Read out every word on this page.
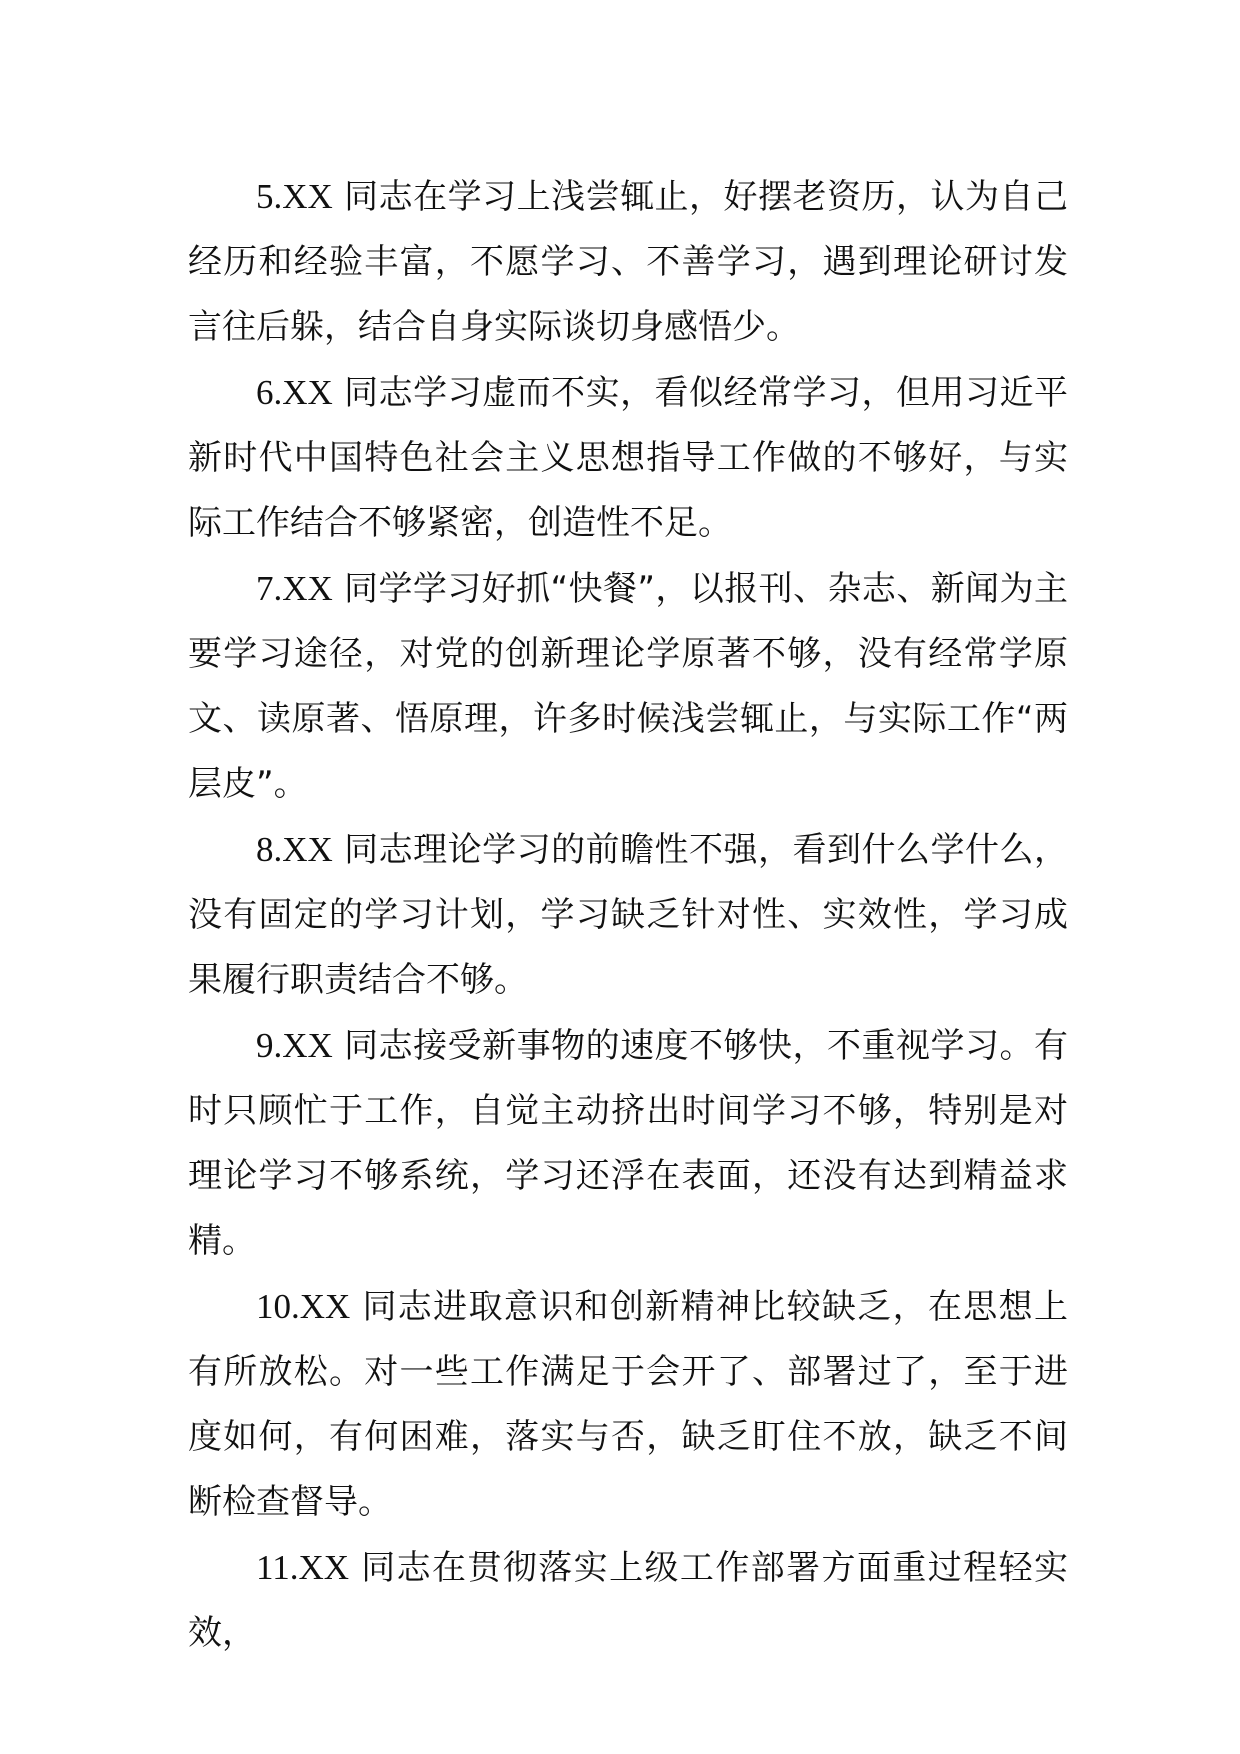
5.XX 同志在学习上浅尝辄止，好摆老资历，认为自己经历和经验丰富，不愿学习、不善学习，遇到理论研讨发言往后躲，结合自身实际谈切身感悟少。

6.XX 同志学习虚而不实，看似经常学习，但用习近平新时代中国特色社会主义思想指导工作做的不够好，与实际工作结合不够紧密，创造性不足。

7.XX 同学学习好抓“快餐”，以报刊、杂志、新闻为主要学习途径，对党的创新理论学原著不够，没有经常学原文、读原著、悟原理，许多时候浅尝辄止，与实际工作“两层皮”。

8.XX 同志理论学习的前瞻性不强，看到什么学什么，没有固定的学习计划，学习缺乏针对性、实效性，学习成果履行职责结合不够。

9.XX 同志接受新事物的速度不够快，不重视学习。有时只顾忙于工作，自觉主动挤出时间学习不够，特别是对理论学习不够系统，学习还浮在表面，还没有达到精益求精。

10.XX 同志进取意识和创新精神比较缺乏，在思想上有所放松。对一些工作满足于会开了、部署过了，至于进度如何，有何困难，落实与否，缺乏盯住不放，缺乏不间断检查督导。

11.XX 同志在贯彻落实上级工作部署方面重过程轻实效，
